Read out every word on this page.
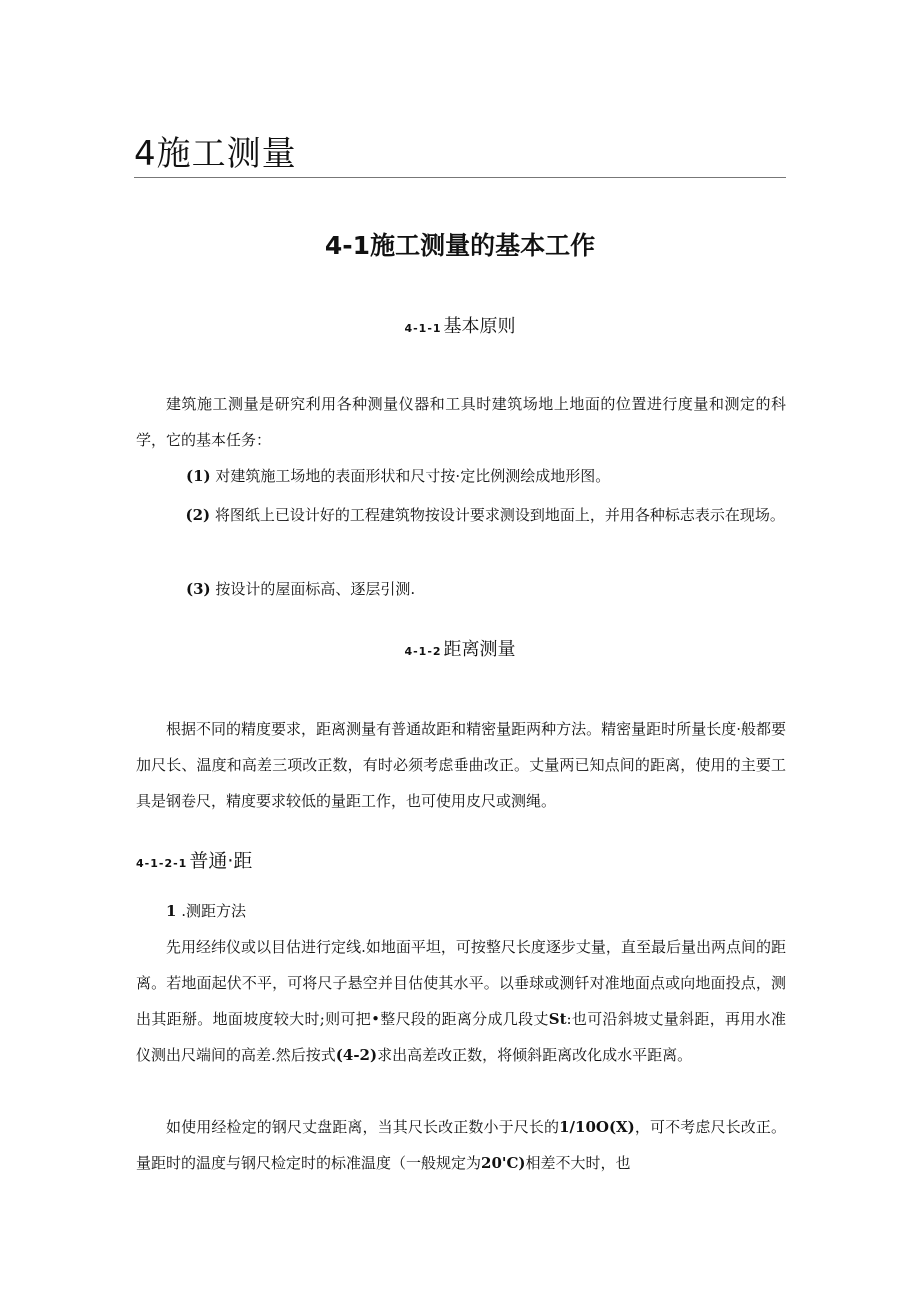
4施工测量
4-1施工测量的基本工作
4-1-1 基本原则

建筑施工测量是研究利用各种测量仪器和工具时建筑场地上地面的位置进行度量和测定的科学，它的基本任务：

(1) 对建筑施工场地的表面形状和尺寸按·定比例测绘成地形图。

(2) 将图纸上已设计好的工程建筑物按设计要求测设到地面上，并用各种标志表示在现场。

(3) 按设计的屋面标高、逐层引测.

4-1-2 距离测量

根据不同的精度要求，距离测量有普通故距和精密量距两种方法。精密量距时所量长度·般都要加尺长、温度和高差三项改正数，有时必须考虑垂曲改正。丈量两已知点间的距离，使用的主要工具是钢卷尺，精度要求较低的量距工作，也可使用皮尺或测绳。

4-1-2-1 普通·距

1 .测距方法

先用经纬仪或以目估进行定线.如地面平坦，可按整尺长度逐步丈量，直至最后量出两点间的距离。若地面起伏不平，可将尺子悬空并目估使其水平。以垂球或测钎对准地面点或向地面投点，测出其距掰。地面坡度较大时;则可把•整尺段的距离分成几段丈St:也可沿斜坡丈量斜距，再用水准仪测出尺端间的高差.然后按式(4-2)求出高差改正数，将倾斜距离改化成水平距离。

如使用经检定的钢尺丈盘距离，当其尺长改正数小于尺长的1/10O(X)，可不考虑尺长改正。量距时的温度与钢尺检定时的标准温度（一般规定为20'C)相差不大时，也
